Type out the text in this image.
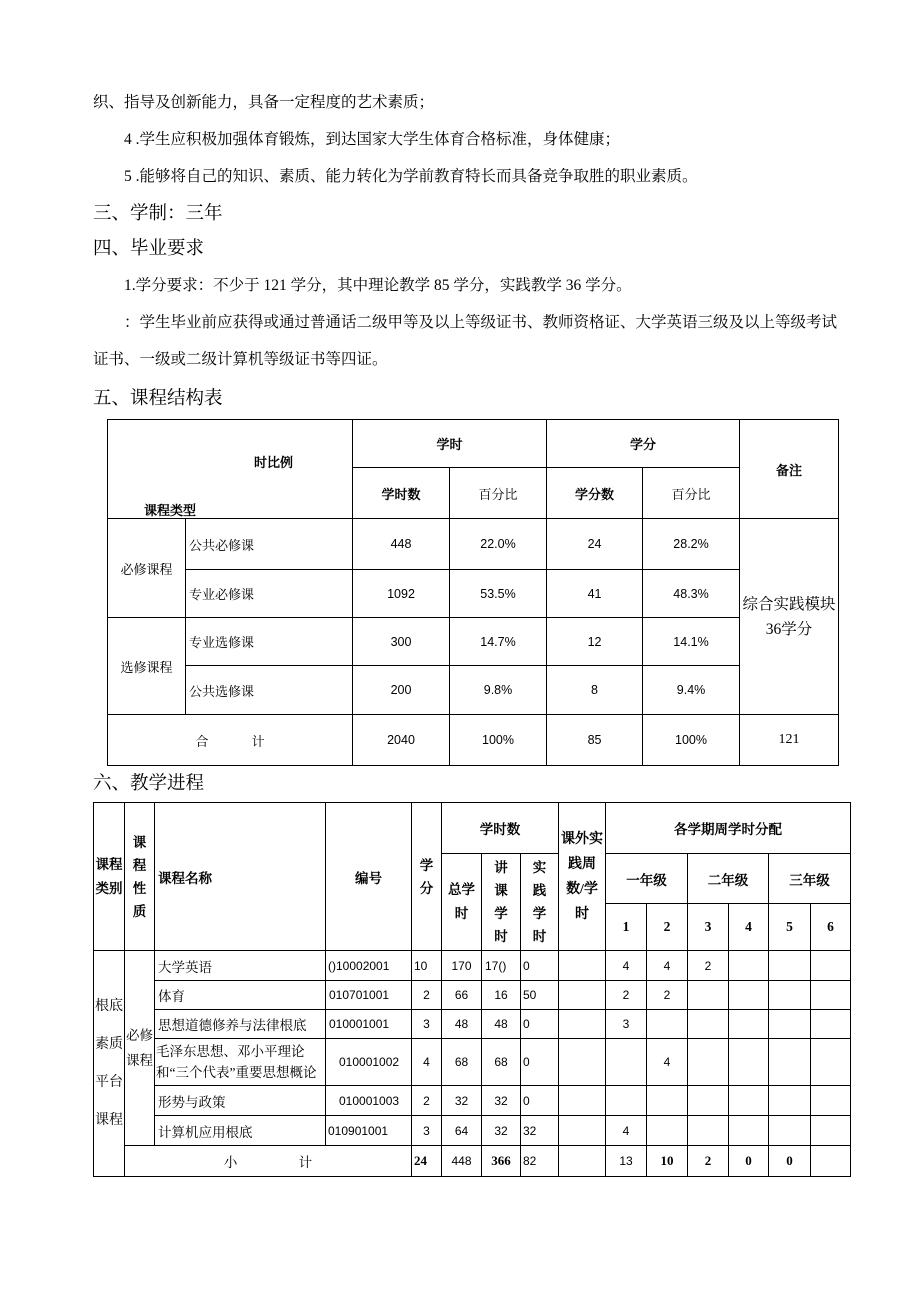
织、指导及创新能力，具备一定程度的艺术素质；
4 .学生应积极加强体育锻炼，到达国家大学生体育合格标准，身体健康；
5 .能够将自己的知识、素质、能力转化为学前教育特长而具备竞争取胜的职业素质。
三、学制：三年
四、毕业要求
1.学分要求：不少于 121 学分，其中理论教学 85 学分，实践教学 36 学分。
：学生毕业前应获得或通过普通话二级甲等及以上等级证书、教师资格证、大学英语三级及以上等级考试
证书、一级或二级计算机等级证书等四证。
五、课程结构表
时比例
课程类型		学时		学分		备注
		学时数	百分比	学分数	百分比	
必修课程	公共必修课	448	22.0%	24	28.2%	综合实践模块
36学分

	专业必修课	1092	53.5%	41	48.3%	
选修课程	专业选修课	300	14.7%	12	14.1%	
	公共选修课	200	9.8%	8	9.4%	
合 计		2040	100%	85	100%	121
六、教学进程
课程类别	课程性质	课程名称	编号	学分	学时数			课外实践周数/学时	各学期周学时分配					
					总学时	讲课学时	实践学时		一年级		二年级		三年级	
									1	2	3	4	5	6
根底素质平台课程	必修课程	大学英语	()10002001	10	170	17()	0		4	4	2			
		体育	010701001	2	66	16	50		2	2				
		思想道德修养与法律根底	010001001	3	48	48	0		3					
		毛泽东思想、邓小平理论和“三个代表”重要思想概论	010001002	4	68	68	0			4				
		形势与政策	010001003	2	32	32	0							
		计算机应用根底	010901001	3	64	32	32		4					
	小 计			24	448	366	82		13	10	2	0	0	
